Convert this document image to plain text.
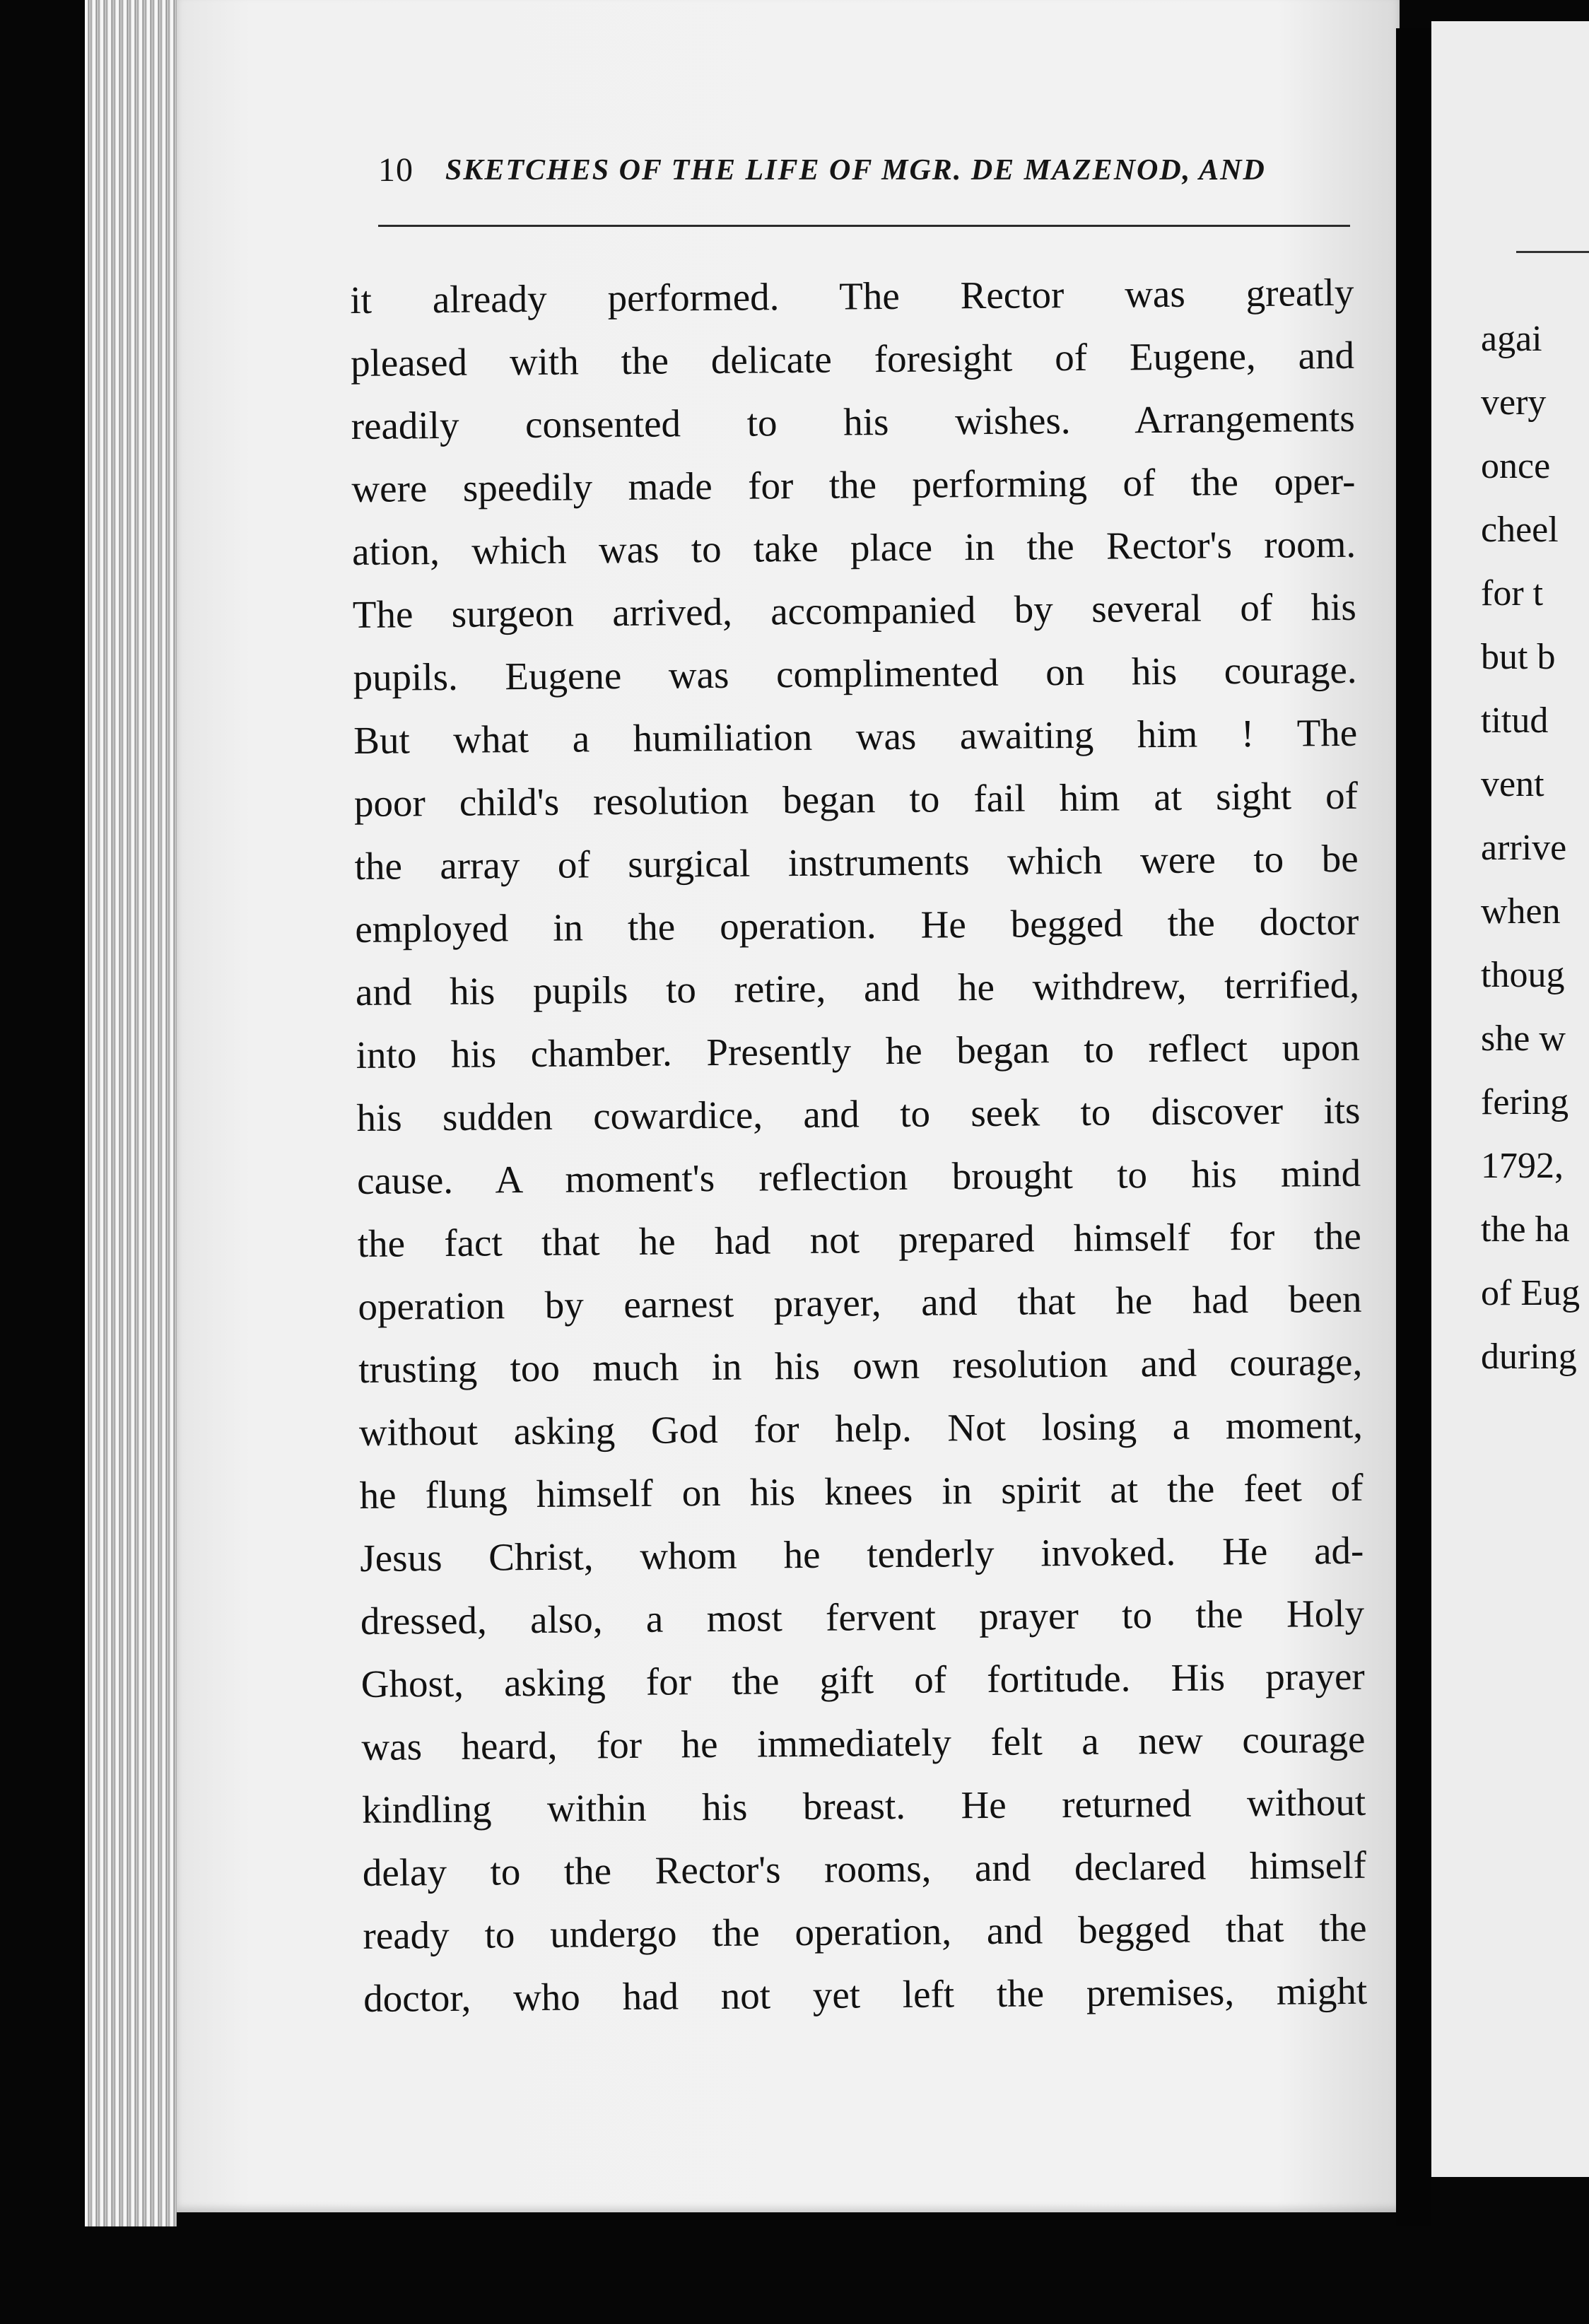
10 SKETCHES OF THE LIFE OF MGR. DE MAZENOD, AND
it already performed. The Rector was greatly
pleased with the delicate foresight of Eugene, and
readily consented to his wishes. Arrangements
were speedily made for the performing of the oper-
ation, which was to take place in the Rector's room.
The surgeon arrived, accompanied by several of his
pupils. Eugene was complimented on his courage.
But what a humiliation was awaiting him ! The
poor child's resolution began to fail him at sight of
the array of surgical instruments which were to be
employed in the operation. He begged the doctor
and his pupils to retire, and he withdrew, terrified,
into his chamber. Presently he began to reflect upon
his sudden cowardice, and to seek to discover its
cause. A moment's reflection brought to his mind
the fact that he had not prepared himself for the
operation by earnest prayer, and that he had been
trusting too much in his own resolution and courage,
without asking God for help. Not losing a moment,
he flung himself on his knees in spirit at the feet of
Jesus Christ, whom he tenderly invoked. He ad-
dressed, also, a most fervent prayer to the Holy
Ghost, asking for the gift of fortitude. His prayer
was heard, for he immediately felt a new courage
kindling within his breast. He returned without
delay to the Rector's rooms, and declared himself
ready to undergo the operation, and begged that the
doctor, who had not yet left the premises, might
agai
very
once
cheel
for t
but b
titud
vent
arrive
when
thoug
she w
fering
1792,
the ha
of Eug
during
